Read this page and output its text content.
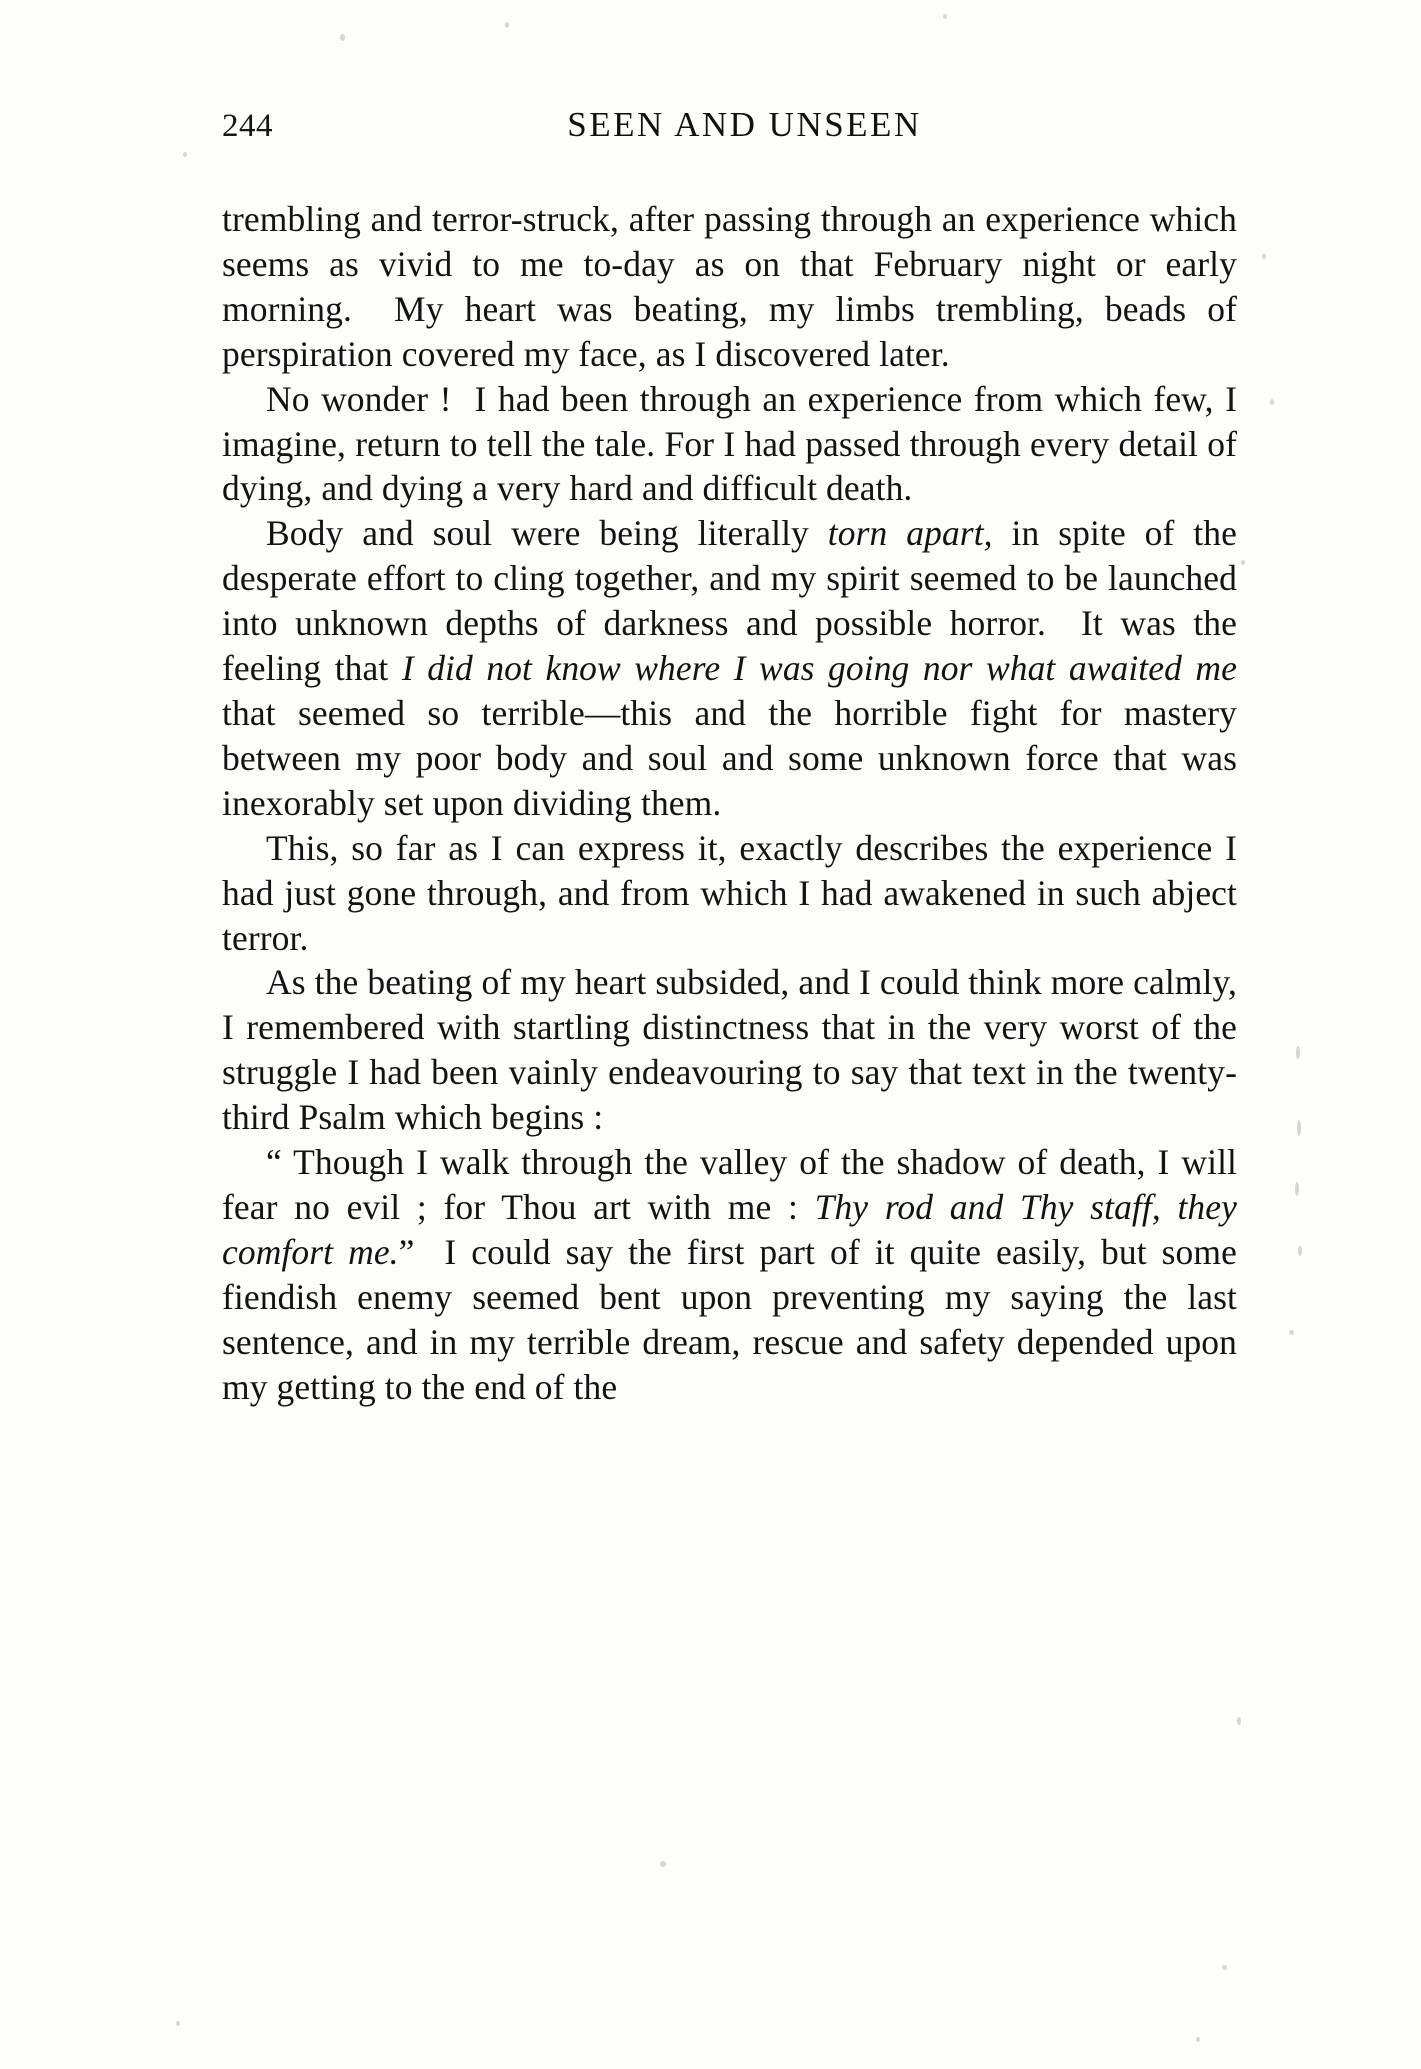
244	SEEN AND UNSEEN

trembling and terror-struck, after passing through an experience which seems as vivid to me to-day as on that February night or early morning.  My heart was beating, my limbs trembling, beads of perspiration covered my face, as I discovered later.

No wonder !  I had been through an experience from which few, I imagine, return to tell the tale. For I had passed through every detail of dying, and dying a very hard and difficult death.

Body and soul were being literally torn apart, in spite of the desperate effort to cling together, and my spirit seemed to be launched into unknown depths of darkness and possible horror.  It was the feeling that I did not know where I was going nor what awaited me that seemed so terrible—this and the horrible fight for mastery between my poor body and soul and some unknown force that was inexorably set upon dividing them.

This, so far as I can express it, exactly describes the experience I had just gone through, and from which I had awakened in such abject terror.

As the beating of my heart subsided, and I could think more calmly, I remembered with startling distinctness that in the very worst of the struggle I had been vainly endeavouring to say that text in the twenty-third Psalm which begins :

“ Though I walk through the valley of the shadow of death, I will fear no evil ; for Thou art with me : Thy rod and Thy staff, they comfort me.”  I could say the first part of it quite easily, but some fiendish enemy seemed bent upon preventing my saying the last sentence, and in my terrible dream, rescue and safety depended upon my getting to the end of the
